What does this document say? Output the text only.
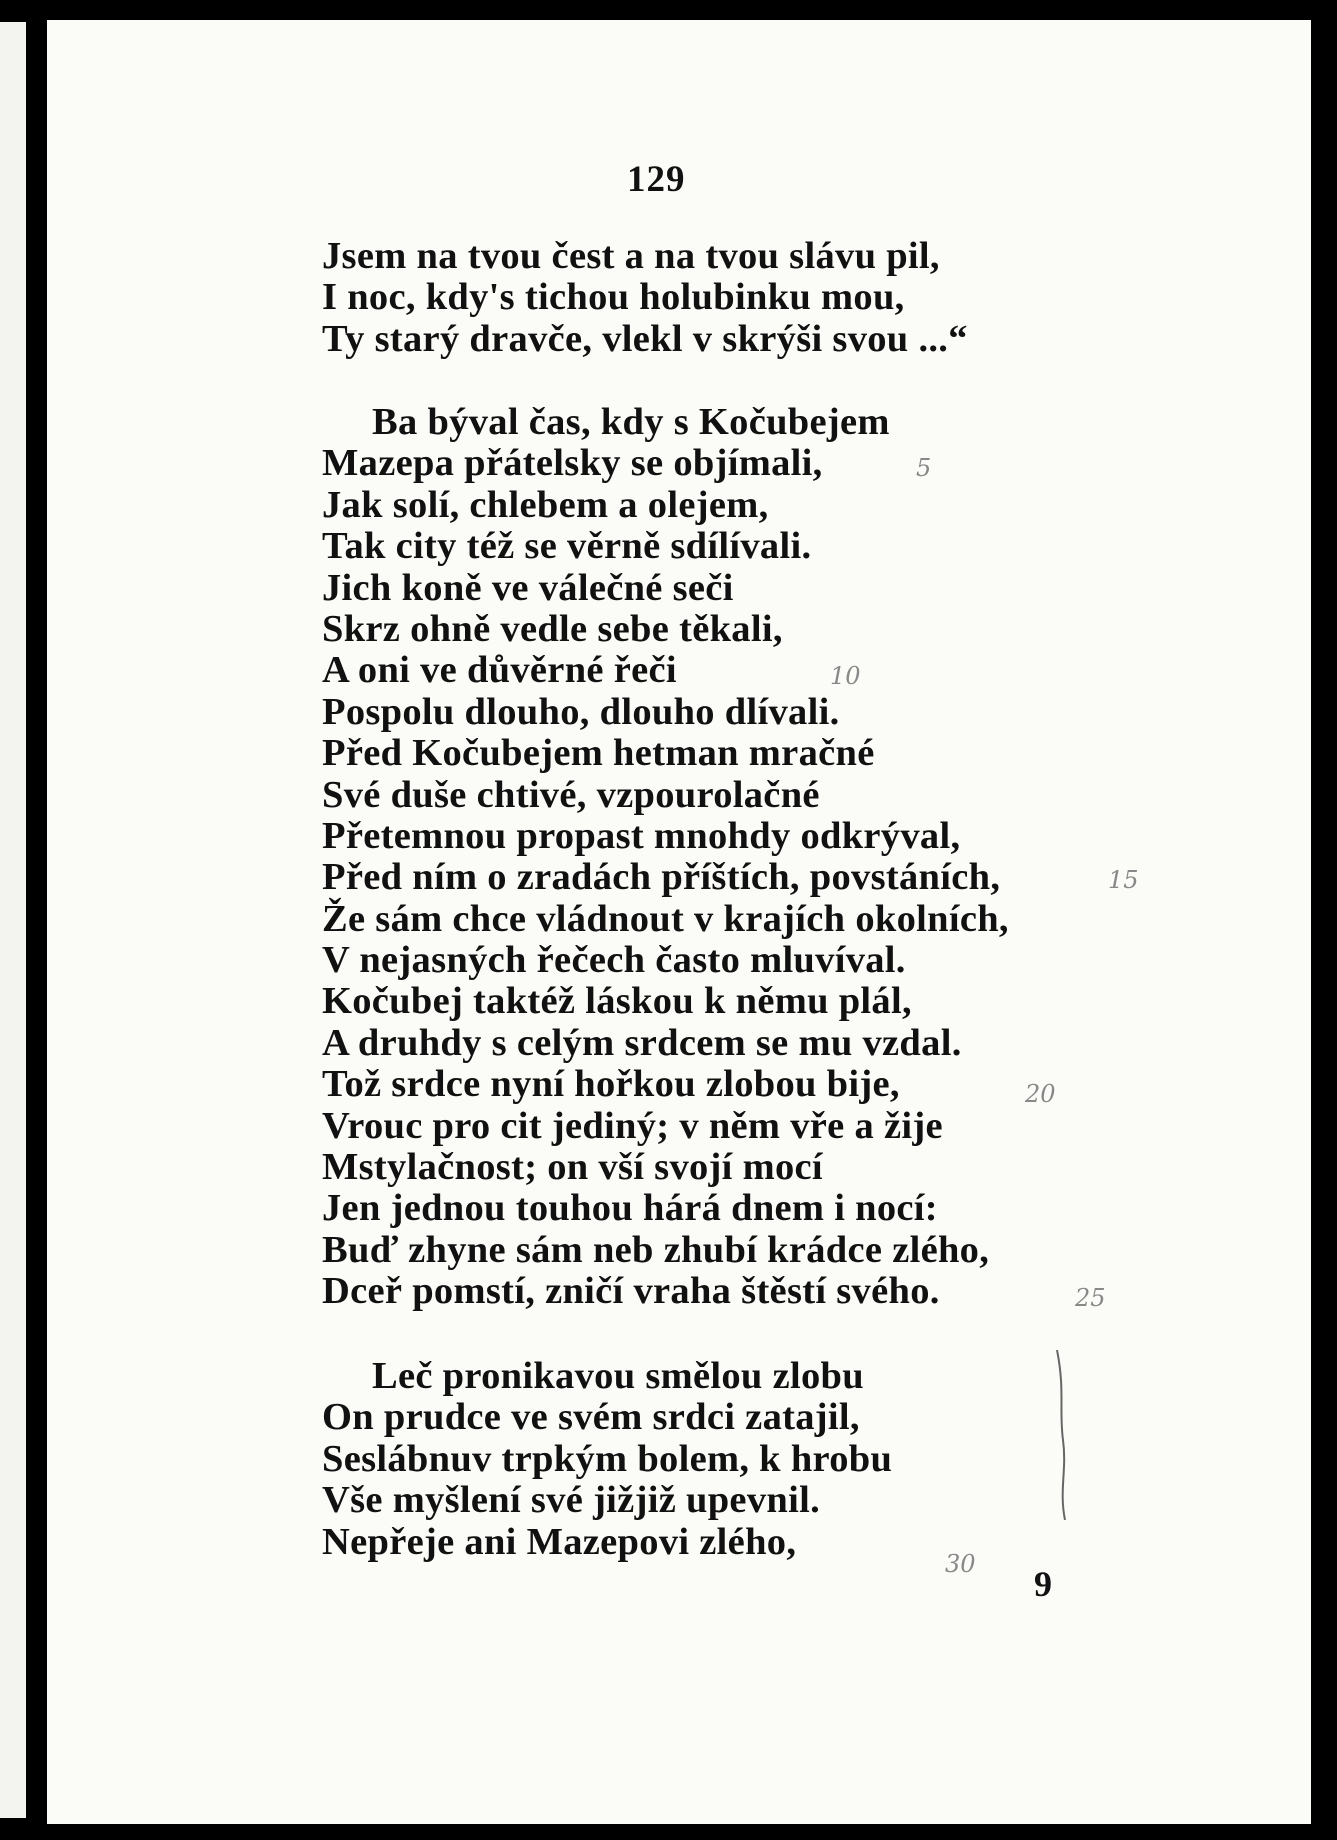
129
Jsem na tvou čest a na tvou slávu pil,
I noc, kdy's tichou holubinku mou,
Ty starý dravče, vlekl v skrýši svou ...“
Ba býval čas, kdy s Kočubejem
Mazepa přátelsky se objímali,
Jak solí, chlebem a olejem,
Tak city též se věrně sdílívali.
Jich koně ve válečné seči
Skrz ohně vedle sebe těkali,
A oni ve důvěrné řeči
Pospolu dlouho, dlouho dlívali.
Před Kočubejem hetman mračné
Své duše chtivé, vzpourolačné
Přetemnou propast mnohdy odkrýval,
Před ním o zradách příštích, povstáních,
Že sám chce vládnout v krajích okolních,
V nejasných řečech často mluvíval.
Kočubej taktéž láskou k němu plál,
A druhdy s celým srdcem se mu vzdal.
Tož srdce nyní hořkou zlobou bije,
Vrouc pro cit jediný; v něm vře a žije
Mstylačnost; on vší svojí mocí
Jen jednou touhou hárá dnem i nocí:
Buď zhyne sám neb zhubí krádce zlého,
Dceř pomstí, zničí vraha štěstí svého.
Leč pronikavou smělou zlobu
On prudce ve svém srdci zatajil,
Seslábnuv trpkým bolem, k hrobu
Vše myšlení své jižjiž upevnil.
Nepřeje ani Mazepovi zlého,
9
5
10
15
20
25
30
